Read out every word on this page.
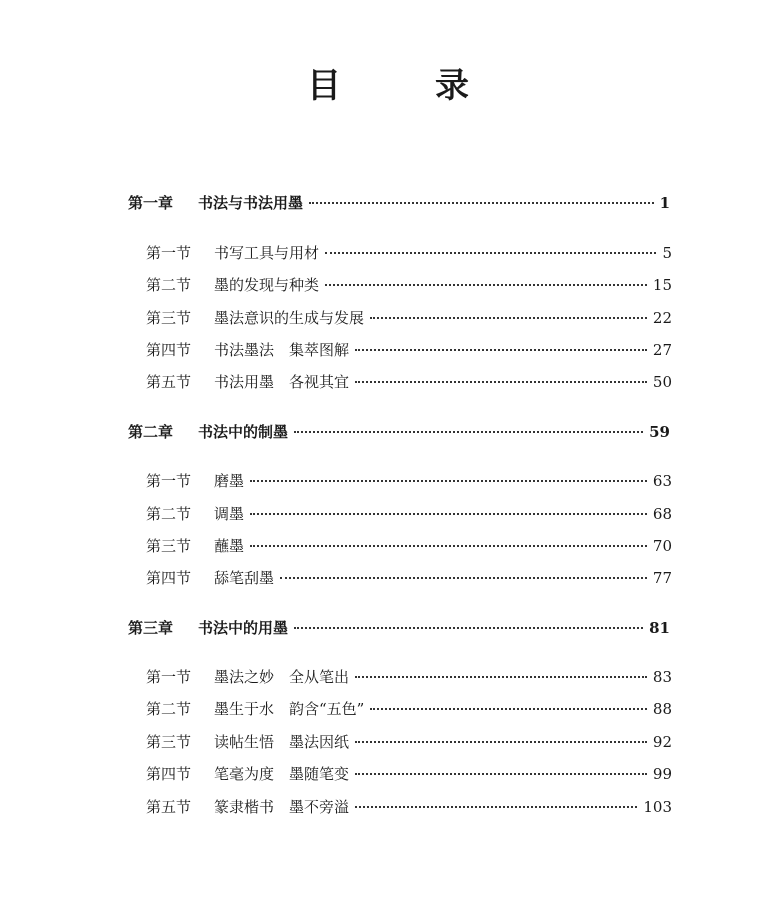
目　录
第一章	书法与书法用墨	1
第一节	书写工具与用材	5
第二节	墨的发现与种类	15
第三节	墨法意识的生成与发展	22
第四节	书法墨法　集萃图解	27
第五节	书法用墨　各视其宜	50
第二章	书法中的制墨	59
第一节	磨墨	63
第二节	调墨	68
第三节	蘸墨	70
第四节	舔笔刮墨	77
第三章	书法中的用墨	81
第一节	墨法之妙　全从笔出	83
第二节	墨生于水　韵含“五色”	88
第三节	读帖生悟　墨法因纸	92
第四节	笔毫为度　墨随笔变	99
第五节	篆隶楷书　墨不旁溢	103
